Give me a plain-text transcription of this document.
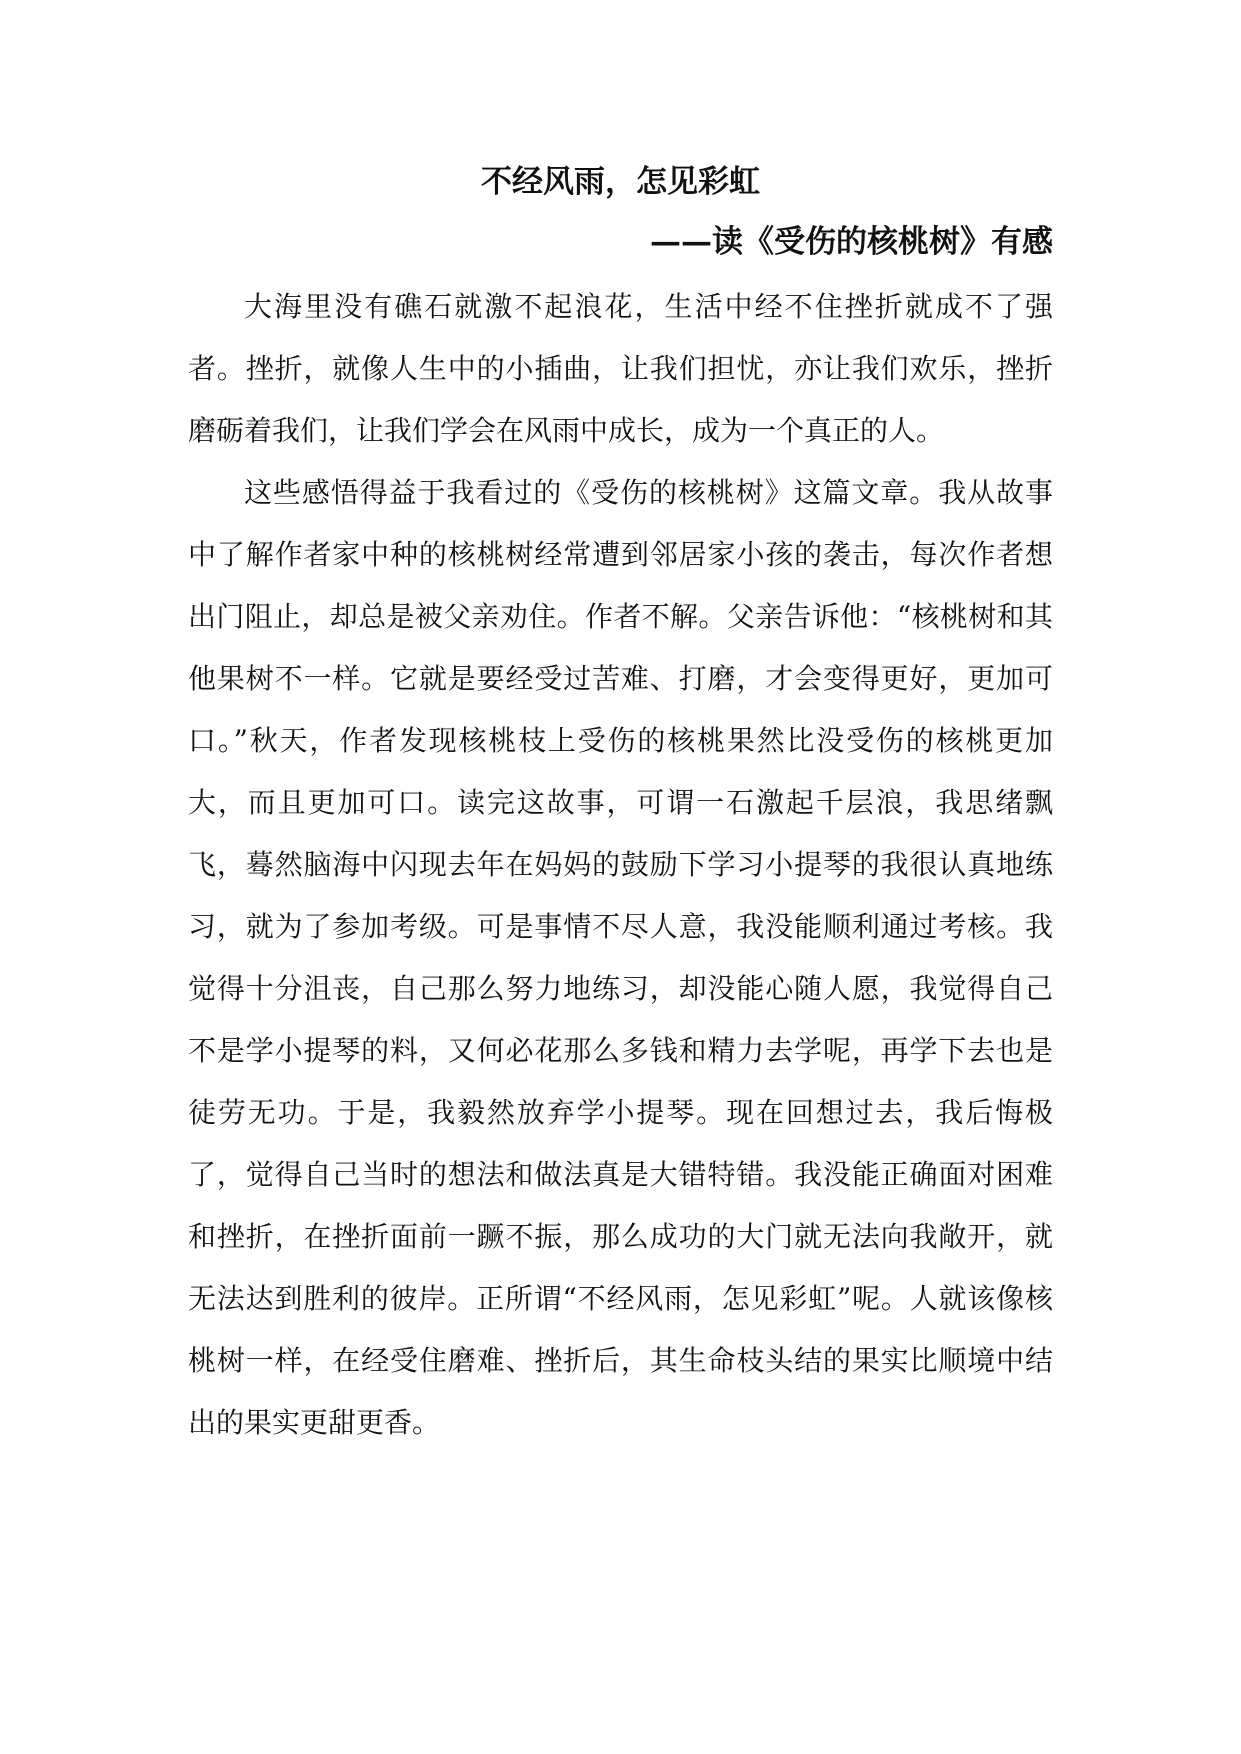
不经风雨，怎见彩虹
——读《受伤的核桃树》有感

大海里没有礁石就激不起浪花，生活中经不住挫折就成不了强者。挫折，就像人生中的小插曲，让我们担忧，亦让我们欢乐，挫折磨砺着我们，让我们学会在风雨中成长，成为一个真正的人。

这些感悟得益于我看过的《受伤的核桃树》这篇文章。我从故事中了解作者家中种的核桃树经常遭到邻居家小孩的袭击，每次作者想出门阻止，却总是被父亲劝住。作者不解。父亲告诉他：“核桃树和其他果树不一样。它就是要经受过苦难、打磨，才会变得更好，更加可口。”秋天，作者发现核桃枝上受伤的核桃果然比没受伤的核桃更加大，而且更加可口。读完这故事，可谓一石激起千层浪，我思绪飘飞，蓦然脑海中闪现去年在妈妈的鼓励下学习小提琴的我很认真地练习，就为了参加考级。可是事情不尽人意，我没能顺利通过考核。我觉得十分沮丧，自己那么努力地练习，却没能心随人愿，我觉得自己不是学小提琴的料，又何必花那么多钱和精力去学呢，再学下去也是徒劳无功。于是，我毅然放弃学小提琴。现在回想过去，我后悔极了，觉得自己当时的想法和做法真是大错特错。我没能正确面对困难和挫折，在挫折面前一蹶不振，那么成功的大门就无法向我敞开，就无法达到胜利的彼岸。正所谓“不经风雨，怎见彩虹”呢。人就该像核桃树一样，在经受住磨难、挫折后，其生命枝头结的果实比顺境中结出的果实更甜更香。
